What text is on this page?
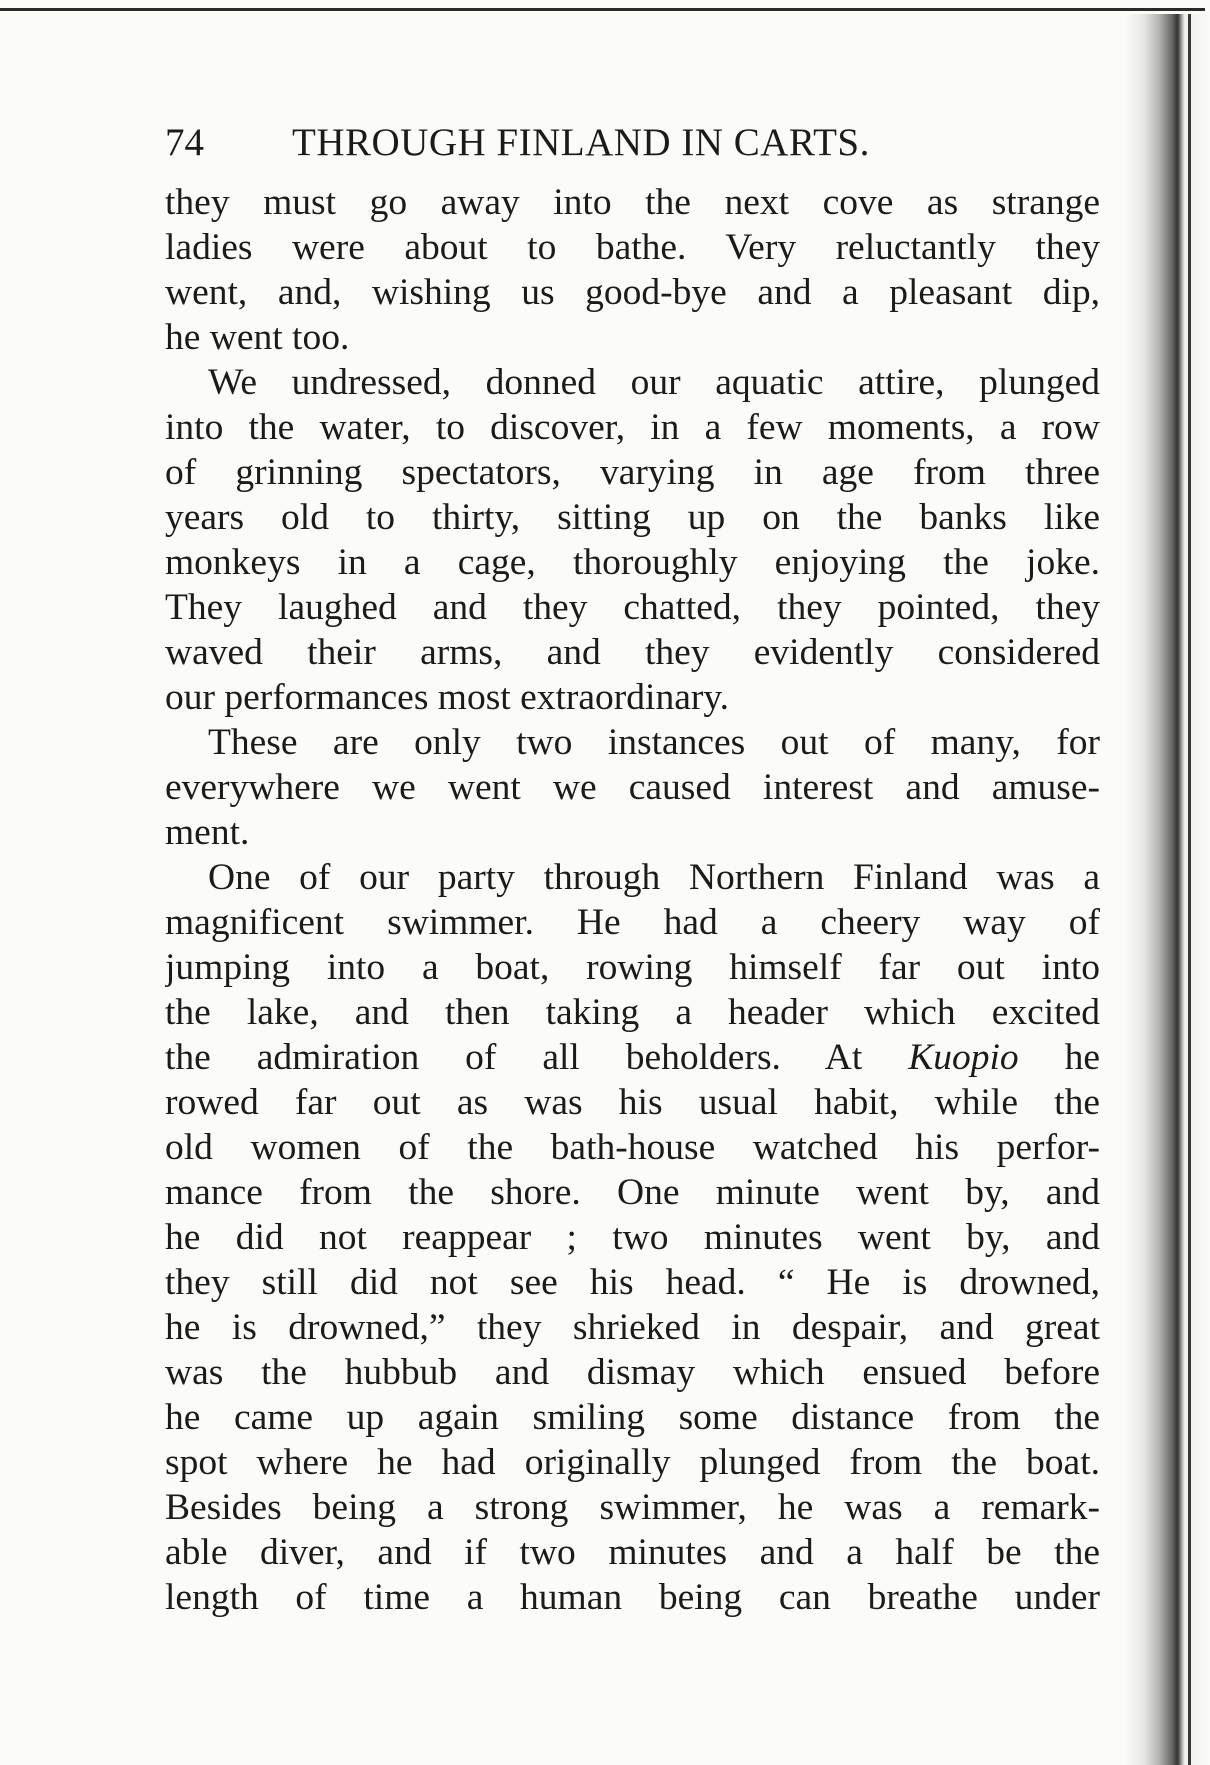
74 THROUGH FINLAND IN CARTS.
they must go away into the next cove as strange
ladies were about to bathe. Very reluctantly they
went, and, wishing us good-bye and a pleasant dip,
he went too.
We undressed, donned our aquatic attire, plunged
into the water, to discover, in a few moments, a row
of grinning spectators, varying in age from three
years old to thirty, sitting up on the banks like
monkeys in a cage, thoroughly enjoying the joke.
They laughed and they chatted, they pointed, they
waved their arms, and they evidently considered
our performances most extraordinary.
These are only two instances out of many, for
everywhere we went we caused interest and amuse-
ment.
One of our party through Northern Finland was a
magnificent swimmer. He had a cheery way of
jumping into a boat, rowing himself far out into
the lake, and then taking a header which excited
the admiration of all beholders. At Kuopio he
rowed far out as was his usual habit, while the
old women of the bath-house watched his perfor-
mance from the shore. One minute went by, and
he did not reappear ; two minutes went by, and
they still did not see his head. “ He is drowned,
he is drowned,” they shrieked in despair, and great
was the hubbub and dismay which ensued before
he came up again smiling some distance from the
spot where he had originally plunged from the boat.
Besides being a strong swimmer, he was a remark-
able diver, and if two minutes and a half be the
length of time a human being can breathe under
